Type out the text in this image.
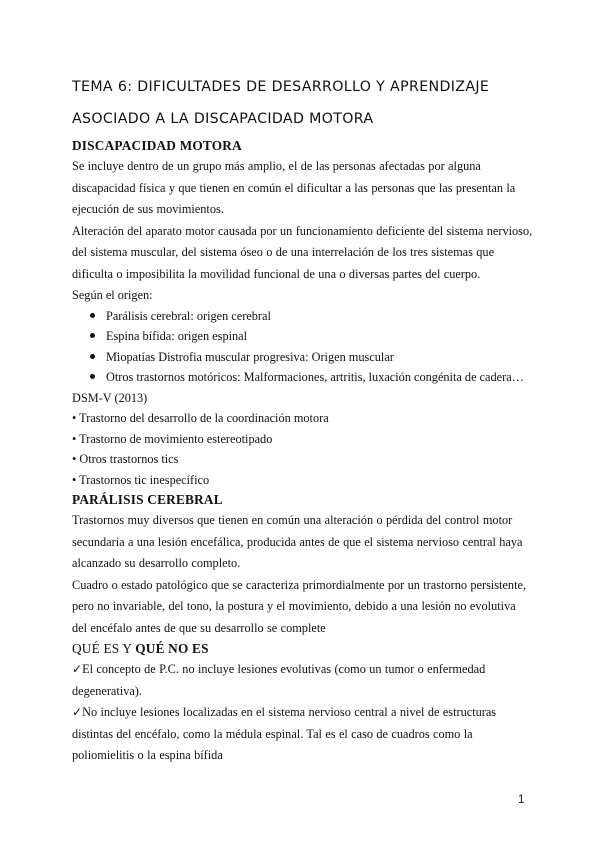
TEMA 6: DIFICULTADES DE DESARROLLO Y APRENDIZAJE
ASOCIADO A LA DISCAPACIDAD MOTORA
DISCAPACIDAD MOTORA

Se incluye dentro de un grupo más amplio, el de las personas afectadas por alguna discapacidad física y que tienen en común el dificultar a las personas que las presentan la ejecución de sus movimientos.

Alteración del aparato motor causada por un funcionamiento deficiente del sistema nervioso, del sistema muscular, del sistema óseo o de una interrelación de los tres sistemas que dificulta o imposibilita la movilidad funcional de una o diversas partes del cuerpo.

Según el origen:

Parálisis cerebral: origen cerebral
Espina bífida: origen espinal
Miopatías Distrofia muscular progresiva: Origen muscular
Otros trastornos motóricos: Malformaciones, artritis, luxación congénita de cadera…

DSM-V (2013)

• Trastorno del desarrollo de la coordinación motora

• Trastorno de movimiento estereotipado

• Otros trastornos tics

• Trastornos tic inespecífico

PARÁLISIS CEREBRAL

Trastornos muy diversos que tienen en común una alteración o pérdida del control motor secundaria a una lesión encefálica, producida antes de que el sistema nervioso central haya alcanzado su desarrollo completo.

Cuadro o estado patológico que se caracteriza primordialmente por un trastorno persistente, pero no invariable, del tono, la postura y el movimiento, debido a una lesión no evolutiva del encéfalo antes de que su desarrollo se complete

QUÉ ES Y QUÉ NO ES

✓El concepto de P.C. no incluye lesiones evolutivas (como un tumor o enfermedad degenerativa).

✓No incluye lesiones localizadas en el sistema nervioso central a nivel de estructuras distintas del encéfalo, como la médula espinal. Tal es el caso de cuadros como la poliomielitis o la espina bífida

1
